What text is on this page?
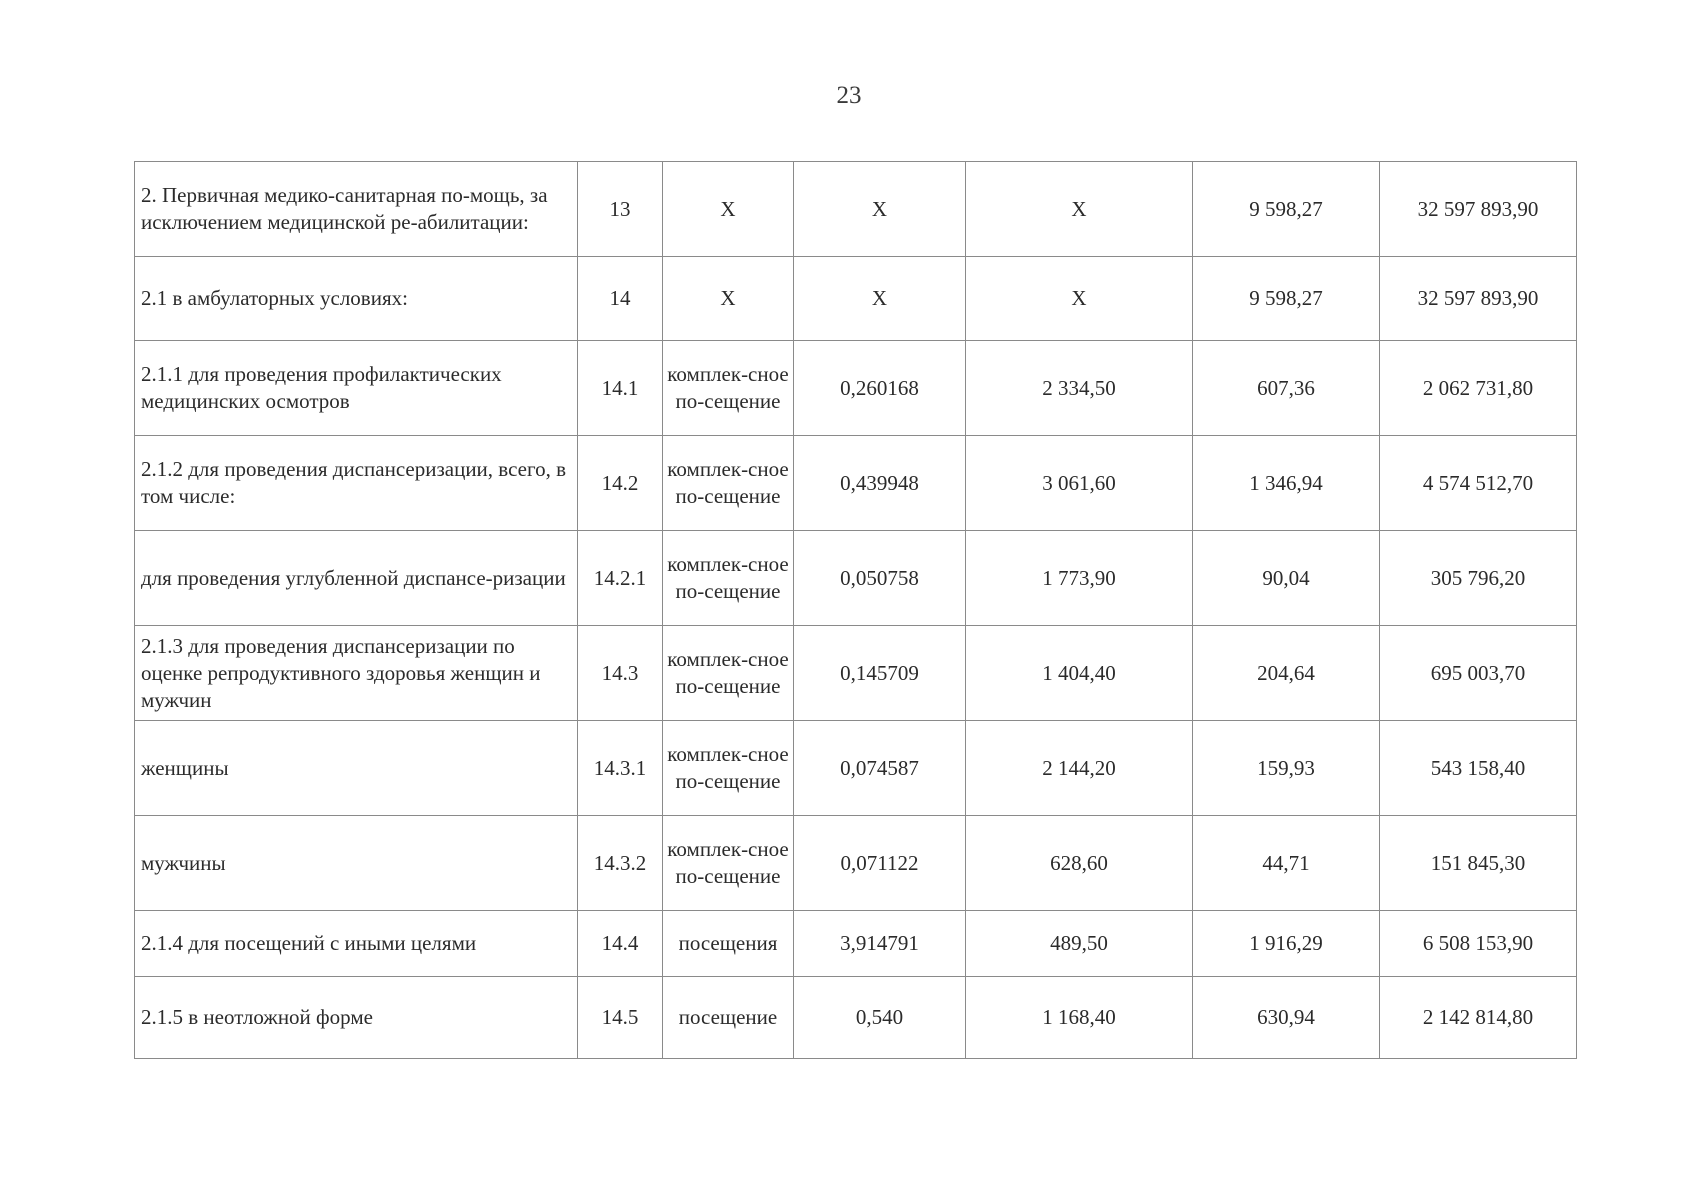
23
2. Первичная медико-санитарная по-мощь, за исключением медицинской ре-абилитации:	13	X	X	X	9 598,27	32 597 893,90
2.1 в амбулаторных условиях:	14	X	X	X	9 598,27	32 597 893,90
2.1.1 для проведения профилактических медицинских осмотров	14.1	комплек-сное по-сещение	0,260168	2 334,50	607,36	2 062 731,80
2.1.2 для проведения диспансеризации, всего, в том числе:	14.2	комплек-сное по-сещение	0,439948	3 061,60	1 346,94	4 574 512,70
для проведения углубленной диспансе-ризации	14.2.1	комплек-сное по-сещение	0,050758	1 773,90	90,04	305 796,20
2.1.3 для проведения диспансеризации по оценке репродуктивного здоровья женщин и мужчин	14.3	комплек-сное по-сещение	0,145709	1 404,40	204,64	695 003,70
женщины	14.3.1	комплек-сное по-сещение	0,074587	2 144,20	159,93	543 158,40
мужчины	14.3.2	комплек-сное по-сещение	0,071122	628,60	44,71	151 845,30
2.1.4 для посещений с иными целями	14.4	посещения	3,914791	489,50	1 916,29	6 508 153,90
2.1.5 в неотложной форме	14.5	посещение	0,540	1 168,40	630,94	2 142 814,80
